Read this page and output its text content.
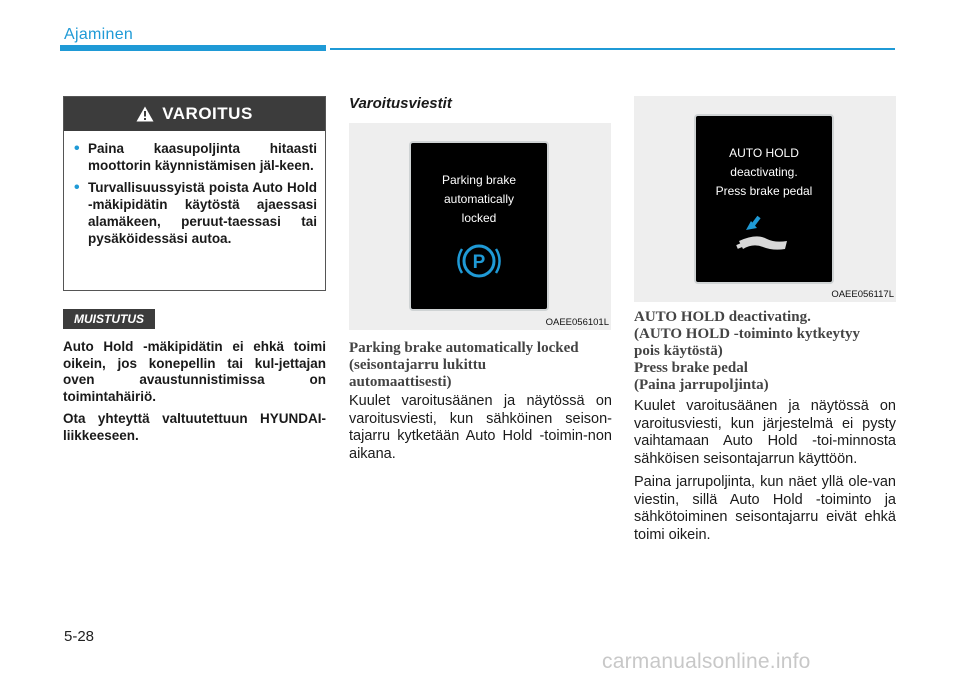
Ajaminen
VAROITUS
• Paina kaasupoljinta hitaasti moottorin käynnistämisen jäl-keen.
• Turvallisuussyistä poista Auto Hold -mäkipidätin käytöstä ajaessasi alamäkeen, peruut-taessasi tai pysäköidessäsi autoa.
MUISTUTUS

Auto Hold -mäkipidätin ei ehkä toimi oikein, jos konepellin tai kul-jettajan oven avaustunnistimissa on toimintahäiriö.

Ota yhteyttä valtuutettuun HYUNDAI-liikkeeseen.

Varoitusviestit
Parking brake
automatically
locked
P
OAEE056101L
Parking brake automatically locked
(seisontajarru lukittu
automaattisesti)

Kuulet varoitusäänen ja näytössä on varoitusviesti, kun sähköinen seison-tajarru kytketään Auto Hold -toimin-non aikana.

AUTO HOLD
deactivating.
Press brake pedal
OAEE056117L
AUTO HOLD deactivating.
(AUTO HOLD -toiminto kytkeytyy
pois käytöstä)
Press brake pedal
(Paina jarrupoljinta)

Kuulet varoitusäänen ja näytössä on varoitusviesti, kun järjestelmä ei pysty vaihtamaan Auto Hold -toi-minnosta sähköisen seisontajarrun käyttöön.

Paina jarrupoljinta, kun näet yllä ole-van viestin, sillä Auto Hold -toiminto ja sähkötoiminen seisontajarru eivät ehkä toimi oikein.

5-28
carmanualsonline.info
